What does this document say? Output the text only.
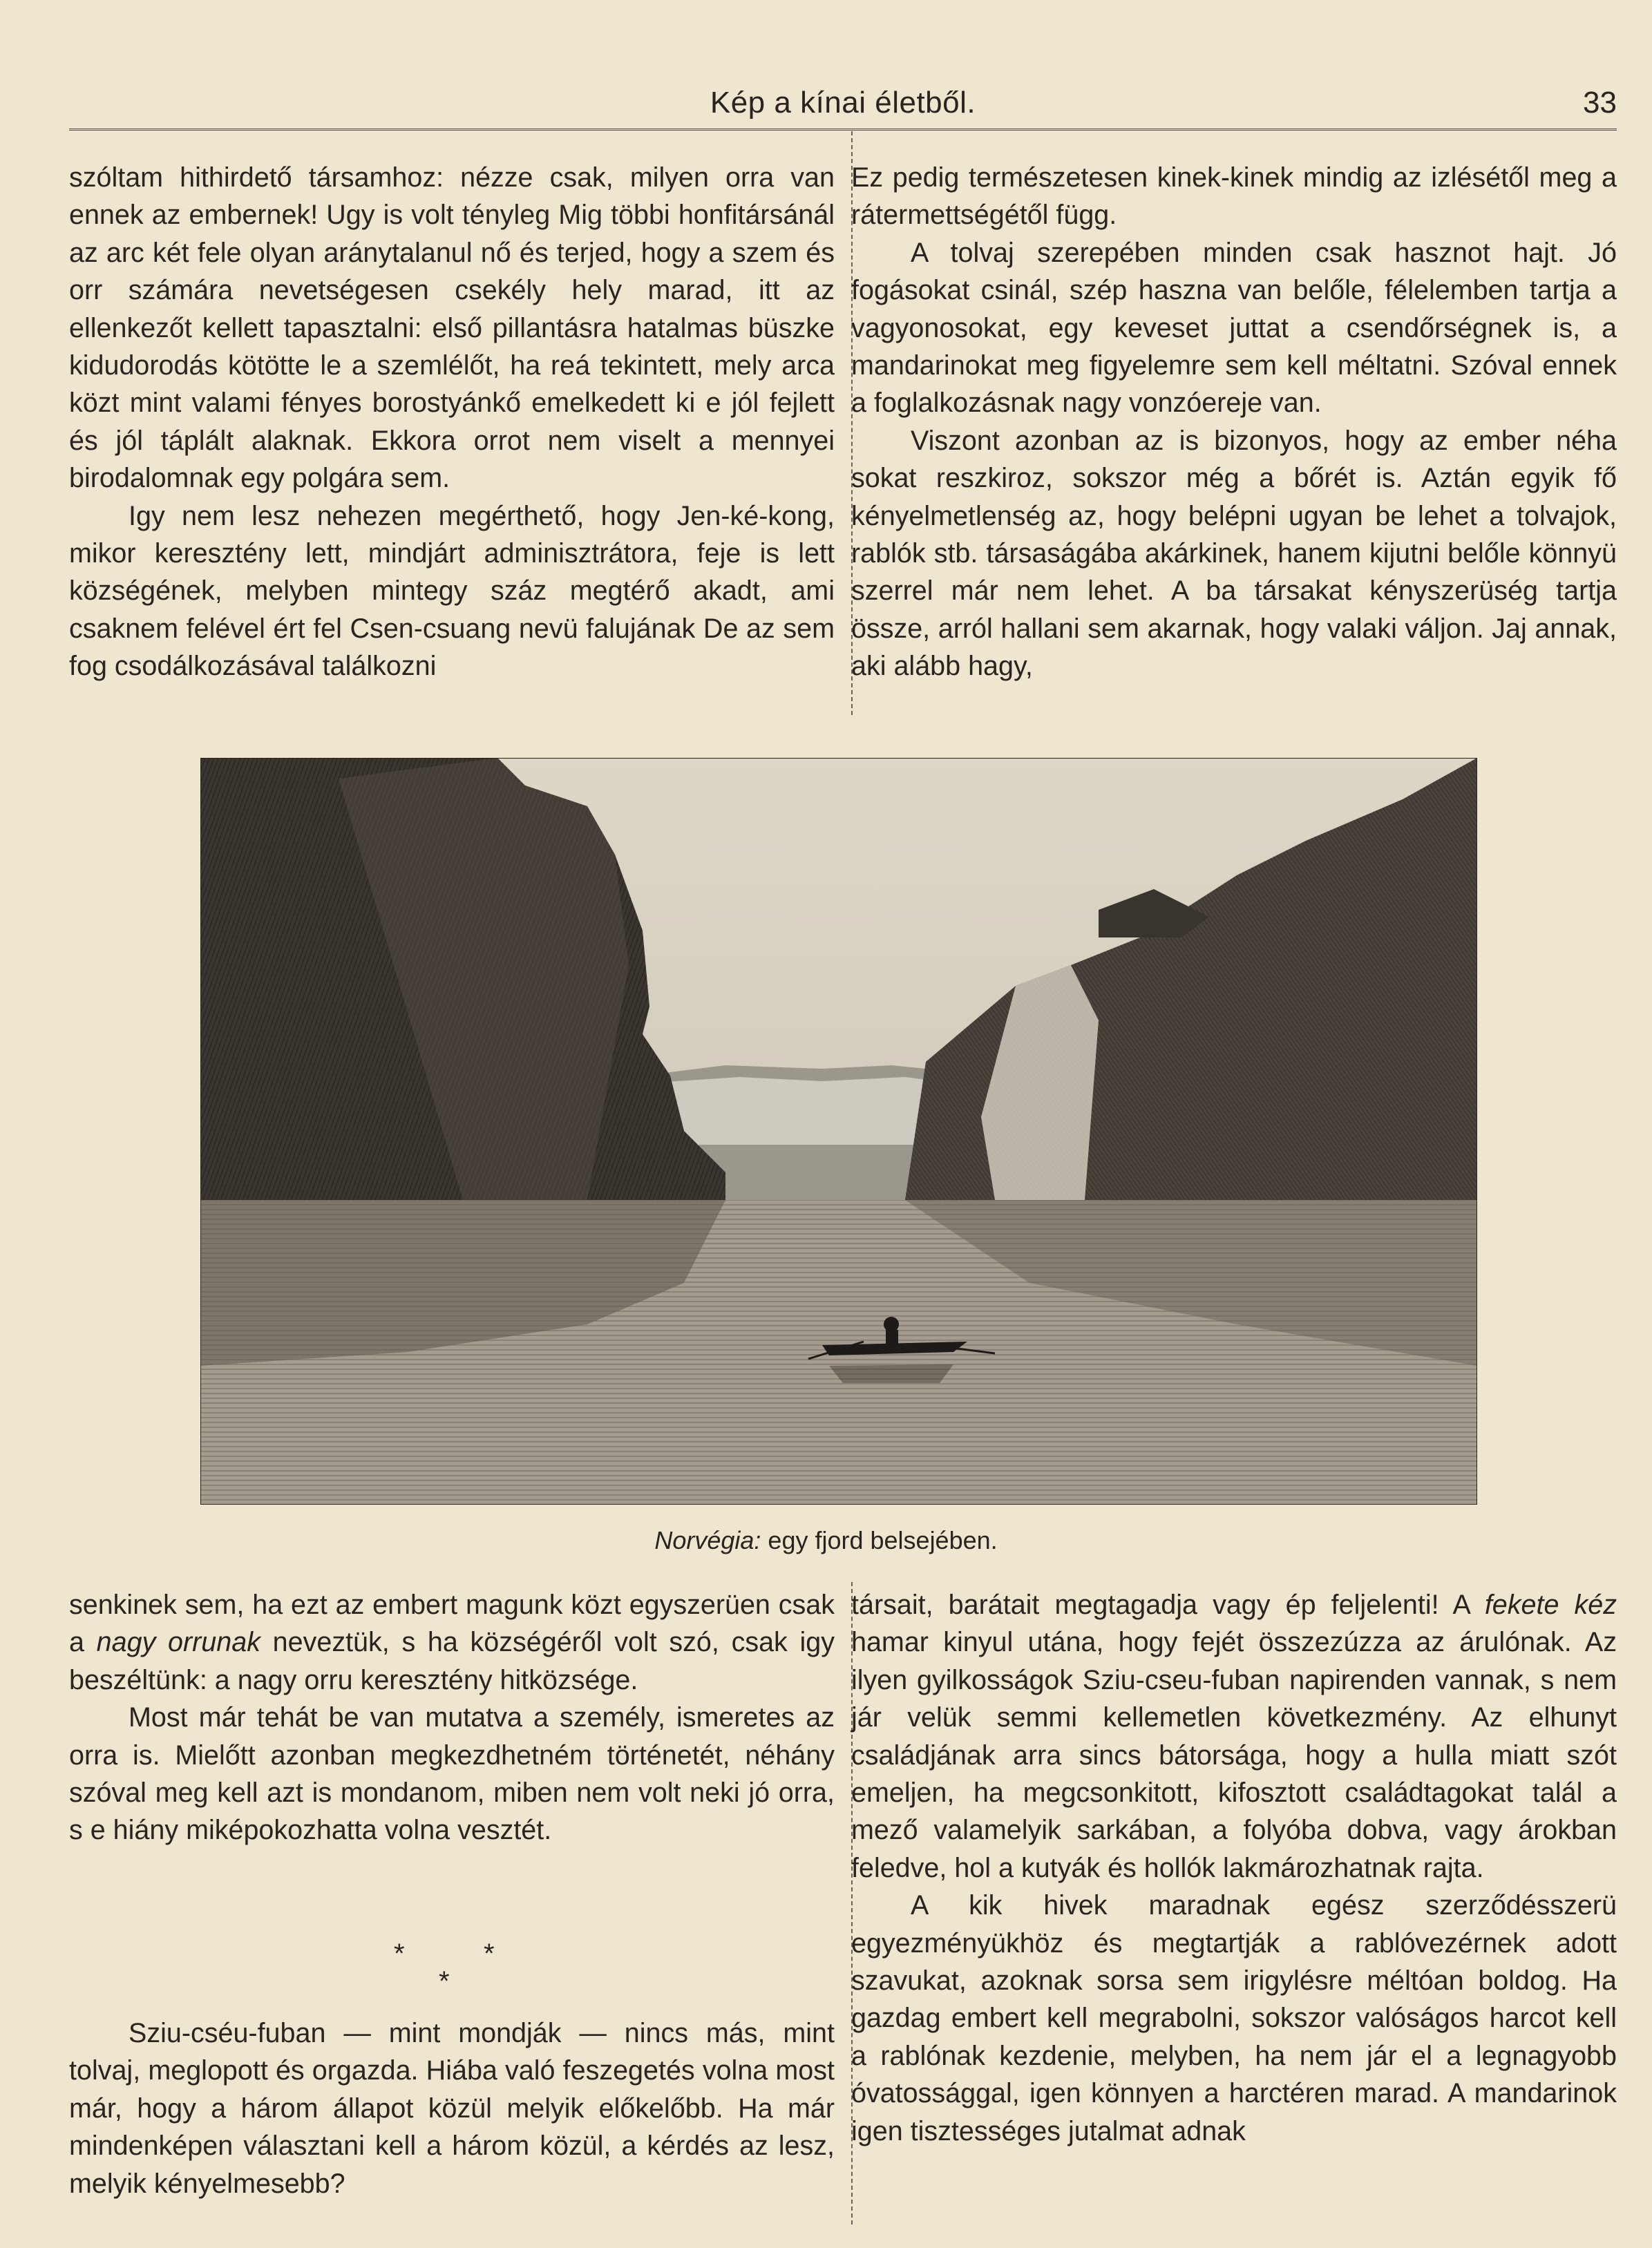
Kép a kínai életből.	33

szóltam hithirdető társamhoz: nézze csak, milyen orra van ennek az embernek! Ugy is volt tényleg Mig többi honfitársánál az arc két fele olyan aránytalanul nő és terjed, hogy a szem és orr számára nevetségesen csekély hely marad, itt az ellenkezőt kellett tapasztalni: első pillantásra hatalmas büszke kidudorodás kötötte le a szemlélőt, ha reá tekintett, mely arca közt mint valami fényes borostyánkő emelkedett ki e jól fejlett és jól táplált alaknak. Ekkora orrot nem viselt a mennyei birodalomnak egy polgára sem.

Igy nem lesz nehezen megérthető, hogy Jen-ké-kong, mikor keresztény lett, mindjárt adminisztrátora, feje is lett községének, melyben mintegy száz megtérő akadt, ami csaknem felével ért fel Csen-csuang nevü falujának De az sem fog csodálkozásával találkozni

Ez pedig természetesen kinek-kinek mindig az izlésétől meg a rátermettségétől függ.

A tolvaj szerepében minden csak hasznot hajt. Jó fogásokat csinál, szép haszna van belőle, félelemben tartja a vagyonosokat, egy keveset juttat a csendőrségnek is, a mandarinokat meg figyelemre sem kell méltatni. Szóval ennek a foglalkozásnak nagy vonzóereje van.

Viszont azonban az is bizonyos, hogy az ember néha sokat reszkiroz, sokszor még a bőrét is. Aztán egyik fő kényelmetlenség az, hogy belépni ugyan be lehet a tolvajok, rablók stb. társaságába akárkinek, hanem kijutni belőle könnyü szerrel már nem lehet. A ba társakat kényszerüség tartja össze, arról hallani sem akarnak, hogy valaki váljon. Jaj annak, aki alább hagy,

Norvégia: egy fjord belsejében.

senkinek sem, ha ezt az embert magunk közt egyszerüen csak a nagy orrunak neveztük, s ha községéről volt szó, csak igy beszéltünk: a nagy orru keresztény hitközsége.

Most már tehát be van mutatva a személy, ismeretes az orra is. Mielőtt azonban megkezdhetném történetét, néhány szóval meg kell azt is mondanom, miben nem volt neki jó orra, s e hiány miképokozhatta volna vesztét.

*	*
*

Sziu-cséu-fuban — mint mondják — nincs más, mint tolvaj, meglopott és orgazda. Hiába való feszegetés volna most már, hogy a három állapot közül melyik előkelőbb. Ha már mindenképen választani kell a három közül, a kérdés az lesz, melyik kényelmesebb?

társait, barátait megtagadja vagy ép feljelenti! A fekete kéz hamar kinyul utána, hogy fejét összezúzza az árulónak. Az ilyen gyilkosságok Sziu-cseu-fuban napirenden vannak, s nem jár velük semmi kellemetlen következmény. Az elhunyt családjának arra sincs bátorsága, hogy a hulla miatt szót emeljen, ha megcsonkitott, kifosztott családtagokat talál a mező valamelyik sarkában, a folyóba dobva, vagy árokban feledve, hol a kutyák és hollók lakmározhatnak rajta.

A kik hivek maradnak egész szerződésszerü egyezményükhöz és megtartják a rablóvezérnek adott szavukat, azoknak sorsa sem irigylésre méltóan boldog. Ha gazdag embert kell megrabolni, sokszor valóságos harcot kell a rablónak kezdenie, melyben, ha nem jár el a legnagyobb óvatossággal, igen könnyen a harctéren marad. A mandarinok igen tisztességes jutalmat adnak
